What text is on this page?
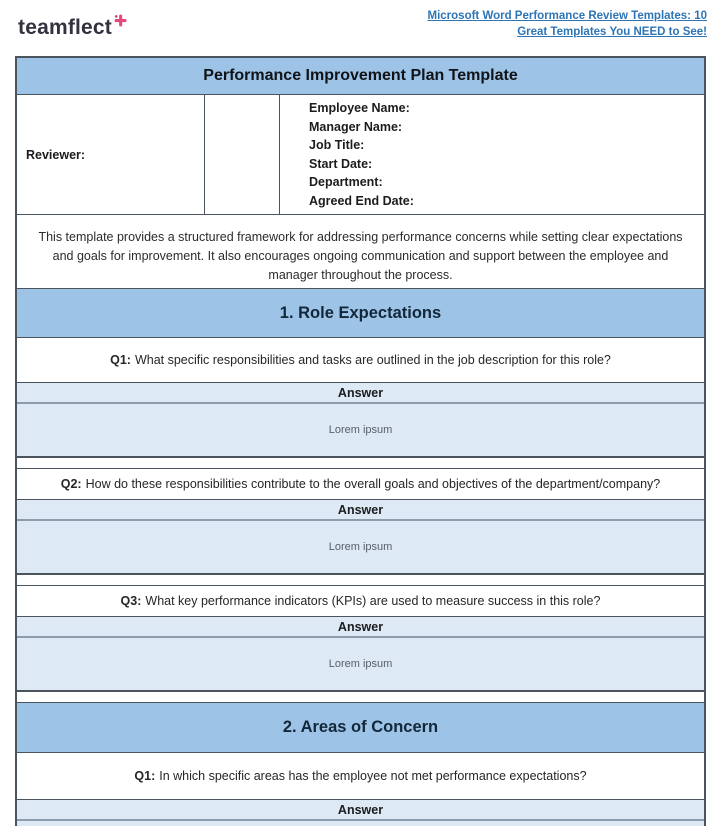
teamflect	Microsoft Word Performance Review Templates: 10
Great Templates You NEED to See!
Performance Improvement Plan Template
Reviewer:
Employee Name:
Manager Name:
Job Title:
Start Date:
Department:
Agreed End Date:
This template provides a structured framework for addressing performance concerns while setting clear expectations and goals for improvement. It also encourages ongoing communication and support between the employee and manager throughout the process.
1. Role Expectations
Q1: What specific responsibilities and tasks are outlined in the job description for this role?
Answer
Lorem ipsum
Q2: How do these responsibilities contribute to the overall goals and objectives of the department/company?
Answer
Lorem ipsum
Q3: What key performance indicators (KPIs) are used to measure success in this role?
Answer
Lorem ipsum
2. Areas of Concern
Q1: In which specific areas has the employee not met performance expectations?
Answer
